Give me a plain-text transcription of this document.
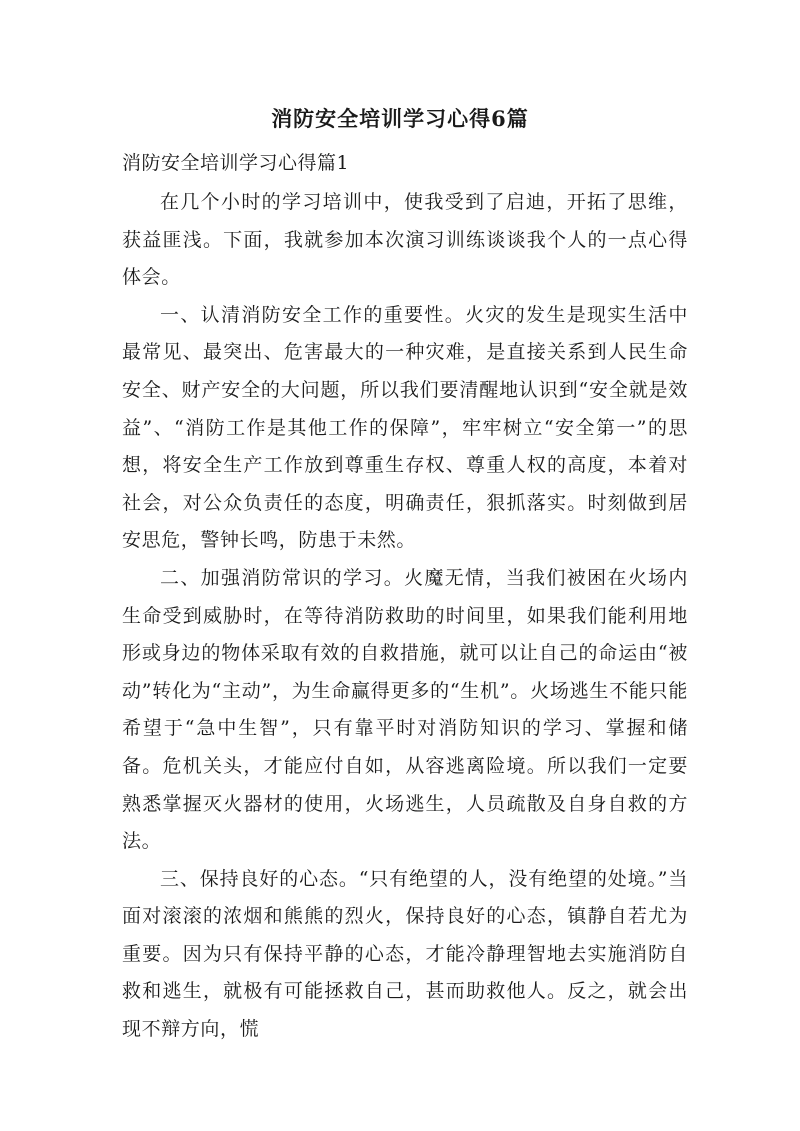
消防安全培训学习心得6篇
消防安全培训学习心得篇1

在几个小时的学习培训中，使我受到了启迪，开拓了思维，获益匪浅。下面，我就参加本次演习训练谈谈我个人的一点心得体会。

一、认清消防安全工作的重要性。火灾的发生是现实生活中最常见、最突出、危害最大的一种灾难，是直接关系到人民生命安全、财产安全的大问题，所以我们要清醒地认识到“安全就是效益”、“消防工作是其他工作的保障”，牢牢树立“安全第一”的思想，将安全生产工作放到尊重生存权、尊重人权的高度，本着对社会，对公众负责任的态度，明确责任，狠抓落实。时刻做到居安思危，警钟长鸣，防患于未然。

二、加强消防常识的学习。火魔无情，当我们被困在火场内生命受到威胁时，在等待消防救助的时间里，如果我们能利用地形或身边的物体采取有效的自救措施，就可以让自己的命运由“被动”转化为“主动”，为生命赢得更多的“生机”。火场逃生不能只能希望于“急中生智”，只有靠平时对消防知识的学习、掌握和储备。危机关头，才能应付自如，从容逃离险境。所以我们一定要熟悉掌握灭火器材的使用，火场逃生，人员疏散及自身自救的方法。

三、保持良好的心态。“只有绝望的人，没有绝望的处境。”当面对滚滚的浓烟和熊熊的烈火，保持良好的心态，镇静自若尤为重要。因为只有保持平静的心态，才能冷静理智地去实施消防自救和逃生，就极有可能拯救自己，甚而助救他人。反之，就会出现不辩方向，慌
